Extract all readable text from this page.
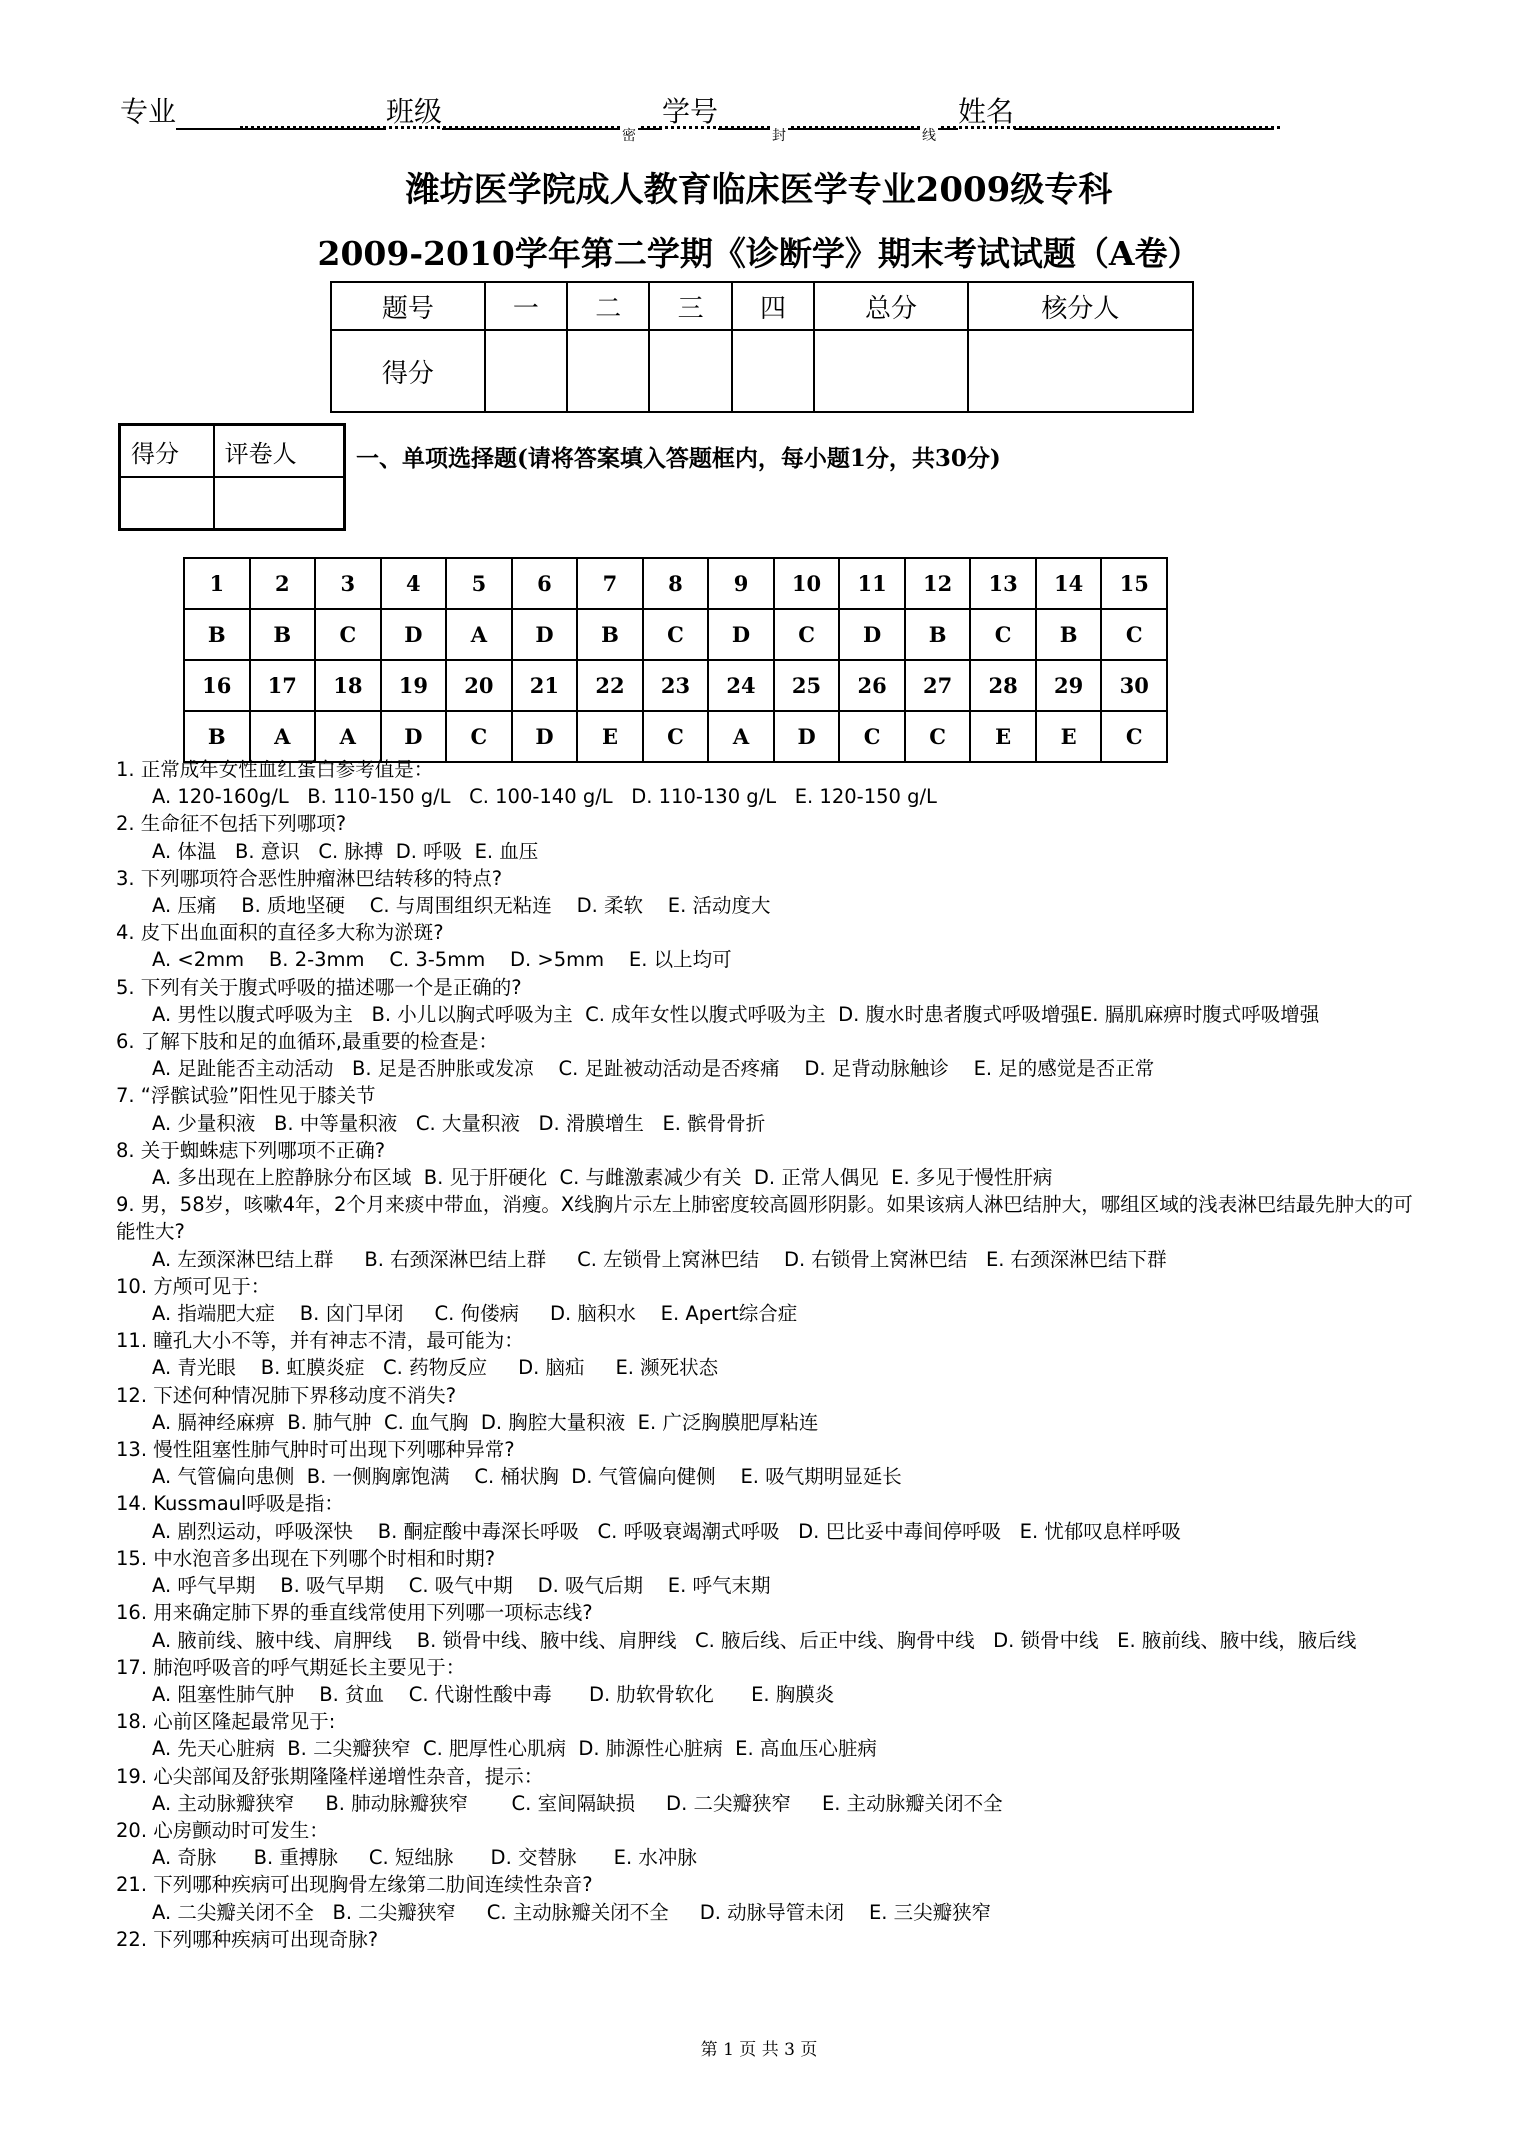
专业	班级	学号	姓名
密	封	线
潍坊医学院成人教育临床医学专业2009级专科
2009-2010学年第二学期《诊断学》期末考试试题（A卷）
题号	一	二	三	四	总分	核分人
得分						
得分	评卷人
		一、单项选择题(请将答案填入答题框内，每小题1分，共30分)
1	2	3	4	5	6	7	8	9	10	11	12	13	14	15
B	B	C	D	A	D	B	C	D	C	D	B	C	B	C
16	17	18	19	20	21	22	23	24	25	26	27	28	29	30
B	A	A	D	C	D	E	C	A	D	C	C	E	E	C
1. 正常成年女性血红蛋白参考值是：
A. 120-160g/L   B. 110-150 g/L   C. 100-140 g/L   D. 110-130 g/L   E. 120-150 g/L
2. 生命征不包括下列哪项?
A. 体温   B. 意识   C. 脉搏  D. 呼吸  E. 血压
3. 下列哪项符合恶性肿瘤淋巴结转移的特点?
A. 压痛    B. 质地坚硬    C. 与周围组织无粘连    D. 柔软    E. 活动度大
4. 皮下出血面积的直径多大称为淤斑?
A. <2mm    B. 2-3mm    C. 3-5mm    D. >5mm    E. 以上均可
5. 下列有关于腹式呼吸的描述哪一个是正确的?
A. 男性以腹式呼吸为主   B. 小儿以胸式呼吸为主  C. 成年女性以腹式呼吸为主  D. 腹水时患者腹式呼吸增强E. 膈肌麻痹时腹式呼吸增强
6. 了解下肢和足的血循环,最重要的检查是：
A. 足趾能否主动活动   B. 足是否肿胀或发凉    C. 足趾被动活动是否疼痛    D. 足背动脉触诊    E. 足的感觉是否正常
7. “浮髌试验”阳性见于膝关节
A. 少量积液   B. 中等量积液   C. 大量积液   D. 滑膜增生   E. 髌骨骨折
8. 关于蜘蛛痣下列哪项不正确?
A. 多出现在上腔静脉分布区域  B. 见于肝硬化  C. 与雌激素减少有关  D. 正常人偶见  E. 多见于慢性肝病
9. 男，58岁，咳嗽4年，2个月来痰中带血，消瘦。X线胸片示左上肺密度较高圆形阴影。如果该病人淋巴结肿大，哪组区域的浅表淋巴结最先肿大的可能性大?
A. 左颈深淋巴结上群     B. 右颈深淋巴结上群     C. 左锁骨上窝淋巴结    D. 右锁骨上窝淋巴结   E. 右颈深淋巴结下群
10. 方颅可见于：
A. 指端肥大症    B. 囟门早闭     C. 佝偻病     D. 脑积水    E. Apert综合症
11. 瞳孔大小不等，并有神志不清，最可能为：
A. 青光眼    B. 虹膜炎症   C. 药物反应     D. 脑疝     E. 濒死状态
12. 下述何种情况肺下界移动度不消失?
A. 膈神经麻痹  B. 肺气肿  C. 血气胸  D. 胸腔大量积液  E. 广泛胸膜肥厚粘连
13. 慢性阻塞性肺气肿时可出现下列哪种异常?
A. 气管偏向患侧  B. 一侧胸廓饱满    C. 桶状胸  D. 气管偏向健侧    E. 吸气期明显延长
14. Kussmaul呼吸是指：
A. 剧烈运动，呼吸深快    B. 酮症酸中毒深长呼吸   C. 呼吸衰竭潮式呼吸   D. 巴比妥中毒间停呼吸   E. 忧郁叹息样呼吸
15. 中水泡音多出现在下列哪个时相和时期?
A. 呼气早期    B. 吸气早期    C. 吸气中期    D. 吸气后期    E. 呼气末期
16. 用来确定肺下界的垂直线常使用下列哪一项标志线?
A. 腋前线、腋中线、肩胛线    B. 锁骨中线、腋中线、肩胛线   C. 腋后线、后正中线、胸骨中线   D. 锁骨中线   E. 腋前线、腋中线，腋后线
17. 肺泡呼吸音的呼气期延长主要见于：
A. 阻塞性肺气肿    B. 贫血    C. 代谢性酸中毒      D. 肋软骨软化      E. 胸膜炎
18. 心前区隆起最常见于:
A. 先天心脏病  B. 二尖瓣狭窄  C. 肥厚性心肌病  D. 肺源性心脏病  E. 高血压心脏病
19. 心尖部闻及舒张期隆隆样递增性杂音，提示：
A. 主动脉瓣狭窄     B. 肺动脉瓣狭窄       C. 室间隔缺损     D. 二尖瓣狭窄     E. 主动脉瓣关闭不全
20. 心房颤动时可发生：
A. 奇脉      B. 重搏脉     C. 短绌脉      D. 交替脉      E. 水冲脉
21. 下列哪种疾病可出现胸骨左缘第二肋间连续性杂音?
A. 二尖瓣关闭不全   B. 二尖瓣狭窄     C. 主动脉瓣关闭不全     D. 动脉导管未闭    E. 三尖瓣狭窄
22. 下列哪种疾病可出现奇脉?
第 1 页 共 3 页
